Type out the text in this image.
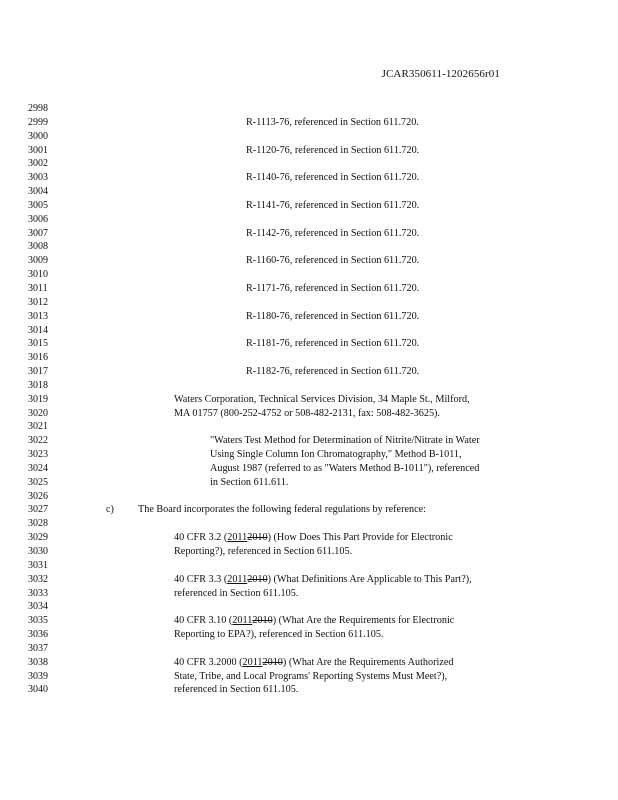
JCAR350611-1202656r01
2998
2999	R-1113-76, referenced in Section 611.720.
3000
3001	R-1120-76, referenced in Section 611.720.
3002
3003	R-1140-76, referenced in Section 611.720.
3004
3005	R-1141-76, referenced in Section 611.720.
3006
3007	R-1142-76, referenced in Section 611.720.
3008
3009	R-1160-76, referenced in Section 611.720.
3010
3011	R-1171-76, referenced in Section 611.720.
3012
3013	R-1180-76, referenced in Section 611.720.
3014
3015	R-1181-76, referenced in Section 611.720.
3016
3017	R-1182-76, referenced in Section 611.720.
3018
3019	Waters Corporation, Technical Services Division, 34 Maple St., Milford,
3020	MA 01757 (800-252-4752 or 508-482-2131, fax: 508-482-3625).
3021
3022	"Waters Test Method for Determination of Nitrite/Nitrate in Water
3023	Using Single Column Ion Chromatography," Method B-1011,
3024	August 1987 (referred to as "Waters Method B-1011"), referenced
3025	in Section 611.611.
3026
3027	c) The Board incorporates the following federal regulations by reference:
3028
3029	40 CFR 3.2 (20112010) (How Does This Part Provide for Electronic
3030	Reporting?), referenced in Section 611.105.
3031
3032	40 CFR 3.3 (20112010) (What Definitions Are Applicable to This Part?),
3033	referenced in Section 611.105.
3034
3035	40 CFR 3.10 (20112010) (What Are the Requirements for Electronic
3036	Reporting to EPA?), referenced in Section 611.105.
3037
3038	40 CFR 3.2000 (20112010) (What Are the Requirements Authorized
3039	State, Tribe, and Local Programs' Reporting Systems Must Meet?),
3040	referenced in Section 611.105.
